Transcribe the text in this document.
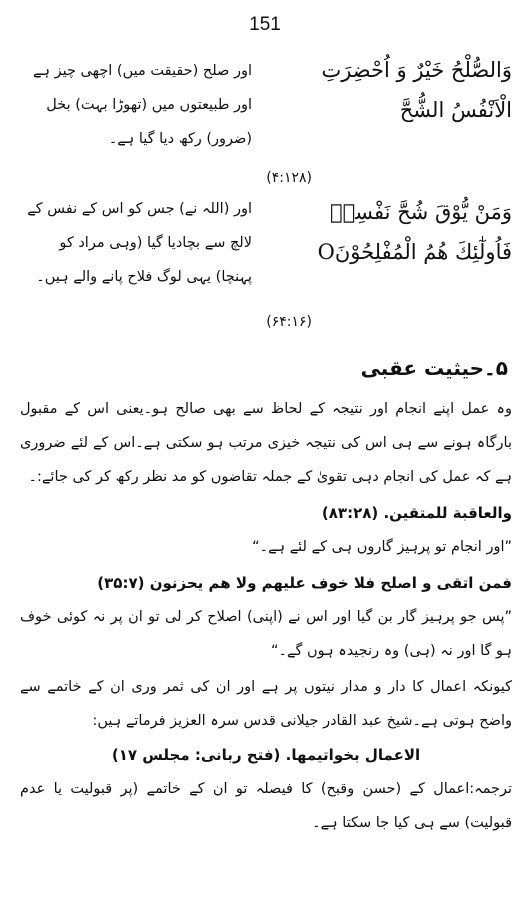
151
وَالصُّلْحُ خَيْرٌ وَ اُحْضِرَتِ الْاَنْفُسُ الشُّحَّ
اور صلح (حقیقت میں) اچھی چیز ہے اور طبیعتوں میں (تھوڑا بہت) بخل (ضرور) رکھ دیا گیا ہے۔
(۴:۱۲۸)
وَمَنْ يُّوْقَ شُحَّ نَفْسِهٖ فَاُولٰٓئِكَ هُمُ الْمُفْلِحُوْنَO
اور (اللہ نے) جس کو اس کے نفس کے لالچ سے بچادیا گیا (وہی مراد کو پہنچا) یہی لوگ فلاح پانے والے ہیں۔
(۶۴:۱۶)
۵۔حیثیت عقبی
وہ عمل اپنے انجام اور نتیجہ کے لحاظ سے بھی صالح ہو۔یعنی اس کے مقبول بارگاہ ہونے سے ہی اس کی نتیجہ خیزی مرتب ہو سکتی ہے۔اس کے لئے ضروری ہے کہ عمل کی انجام دہی تقویٰ کے جملہ تقاضوں کو مد نظر رکھ کر کی جائے:۔
والعاقبة للمتقين. (۸۳:۲۸)
”اور انجام تو پرہیز گاروں ہی کے لئے ہے۔“
فمن اتقى و اصلح فلا خوف عليهم ولا هم يحزنون (۳۵:۷)
”پس جو پرہیز گار بن گیا اور اس نے (اپنی) اصلاح کر لی تو ان پر نہ کوئی خوف ہو گا اور نہ (ہی) وہ رنجیدہ ہوں گے۔“
کیونکہ اعمال کا دار و مدار نیتوں پر ہے اور ان کی ثمر وری ان کے خاتمے سے واضح ہوتی ہے۔شیخ عبد القادر جیلانی قدس سرہ العزیز فرماتے ہیں:
الاعمال بخواتيمها. (فتح ربانى: مجلس ۱۷)
ترجمہ:اعمال کے (حسن وقبح) کا فیصلہ تو ان کے خاتمے (پر قبولیت یا عدم قبولیت) سے ہی کیا جا سکتا ہے۔
